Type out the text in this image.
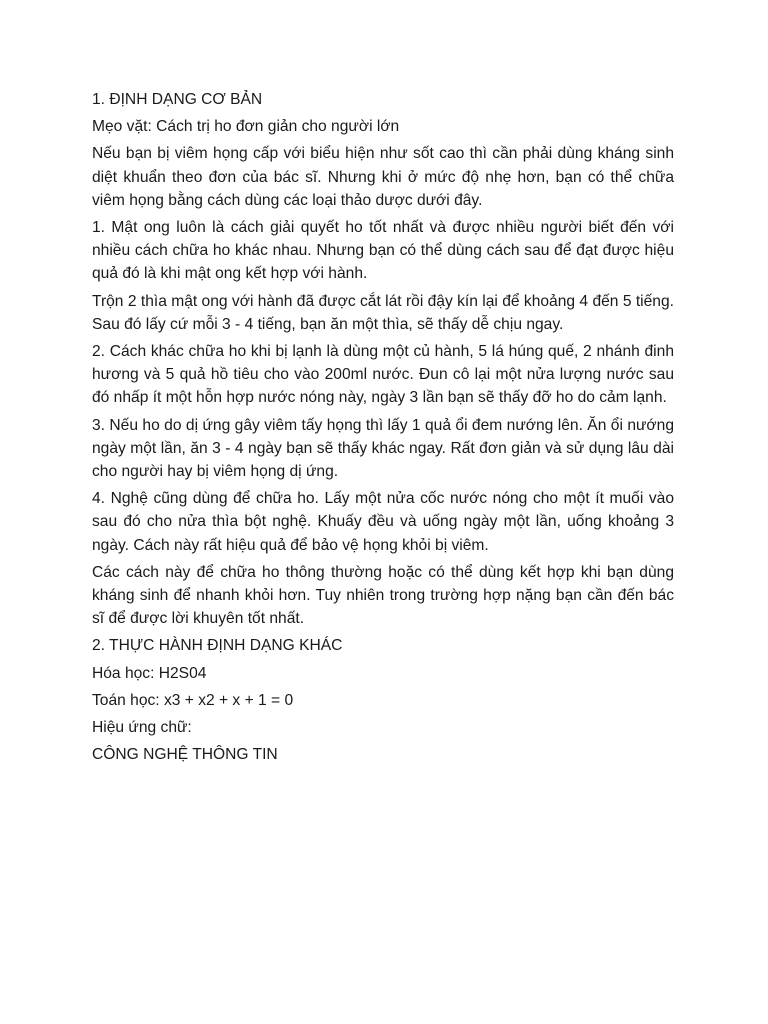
1. ĐỊNH DẠNG CƠ BẢN

Mẹo vặt: Cách trị ho đơn giản cho người lớn

Nếu bạn bị viêm họng cấp với biểu hiện như sốt cao thì cần phải dùng kháng sinh diệt khuẩn theo đơn của bác sĩ. Nhưng khi ở mức độ nhẹ hơn, bạn có thể chữa viêm họng bằng cách dùng các loại thảo dược dưới đây.

1. Mật ong luôn là cách giải quyết ho tốt nhất và được nhiều người biết đến với nhiều cách chữa ho khác nhau. Nhưng bạn có thể dùng cách sau để đạt được hiệu quả đó là khi mật ong kết hợp với hành.

Trộn 2 thìa mật ong với hành đã được cắt lát rồi đậy kín lại để khoảng 4 đến 5 tiếng. Sau đó lấy cứ mỗi 3 - 4 tiếng, bạn ăn một thìa, sẽ thấy dễ chịu ngay.

2. Cách khác chữa ho khi bị lạnh là dùng một củ hành, 5 lá húng quế, 2 nhánh đinh hương và 5 quả hồ tiêu cho vào 200ml nước. Đun cô lại một nửa lượng nước sau đó nhấp ít một hỗn hợp nước nóng này, ngày 3 lần bạn sẽ thấy đỡ ho do cảm lạnh.

3. Nếu ho do dị ứng gây viêm tấy họng thì lấy 1 quả ổi đem nướng lên. Ăn ổi nướng ngày một lần, ăn 3 - 4 ngày bạn sẽ thấy khác ngay. Rất đơn giản và sử dụng lâu dài cho người hay bị viêm họng dị ứng.

4. Nghệ cũng dùng để chữa ho. Lấy một nửa cốc nước nóng cho một ít muối vào sau đó cho nửa thìa bột nghệ. Khuấy đều và uống ngày một lần, uống khoảng 3 ngày. Cách này rất hiệu quả để bảo vệ họng khỏi bị viêm.

Các cách này để chữa ho thông thường hoặc có thể dùng kết hợp khi bạn dùng kháng sinh để nhanh khỏi hơn. Tuy nhiên trong trường hợp nặng bạn cần đến bác sĩ để được lời khuyên tốt nhất.

2. THỰC HÀNH ĐỊNH DẠNG KHÁC

Hóa học: H2S04

Toán học: x3 + x2 + x + 1 = 0

Hiệu ứng chữ:

CÔNG NGHỆ THÔNG TIN
